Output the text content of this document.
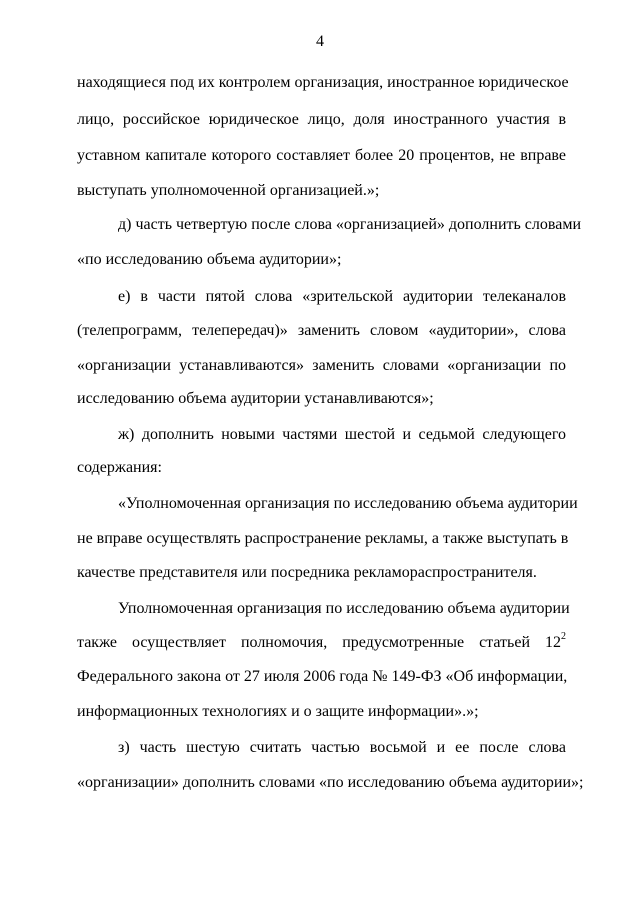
4
находящиеся под их контролем организация, иностранное юридическое
лицо, российское юридическое лицо, доля иностранного участия в
уставном капитале которого составляет более 20 процентов, не вправе
выступать уполномоченной организацией.»;
д) часть четвертую после слова «организацией» дополнить словами
«по исследованию объема аудитории»;
е) в части пятой слова «зрительской аудитории телеканалов
(телепрограмм, телепередач)» заменить словом «аудитории», слова
«организации устанавливаются» заменить словами «организации по
исследованию объема аудитории устанавливаются»;
ж) дополнить новыми частями шестой и седьмой следующего
содержания:
«Уполномоченная организация по исследованию объема аудитории
не вправе осуществлять распространение рекламы, а также выступать в
качестве представителя или посредника рекламораспространителя.
Уполномоченная организация по исследованию объема аудитории
также осуществляет полномочия, предусмотренные статьей $12^2$
Федерального закона от 27 июля 2006 года № 149-ФЗ «Об информации,
информационных технологиях и о защите информации».»;
з) часть шестую считать частью восьмой и ее после слова
«организации» дополнить словами «по исследованию объема аудитории»;
